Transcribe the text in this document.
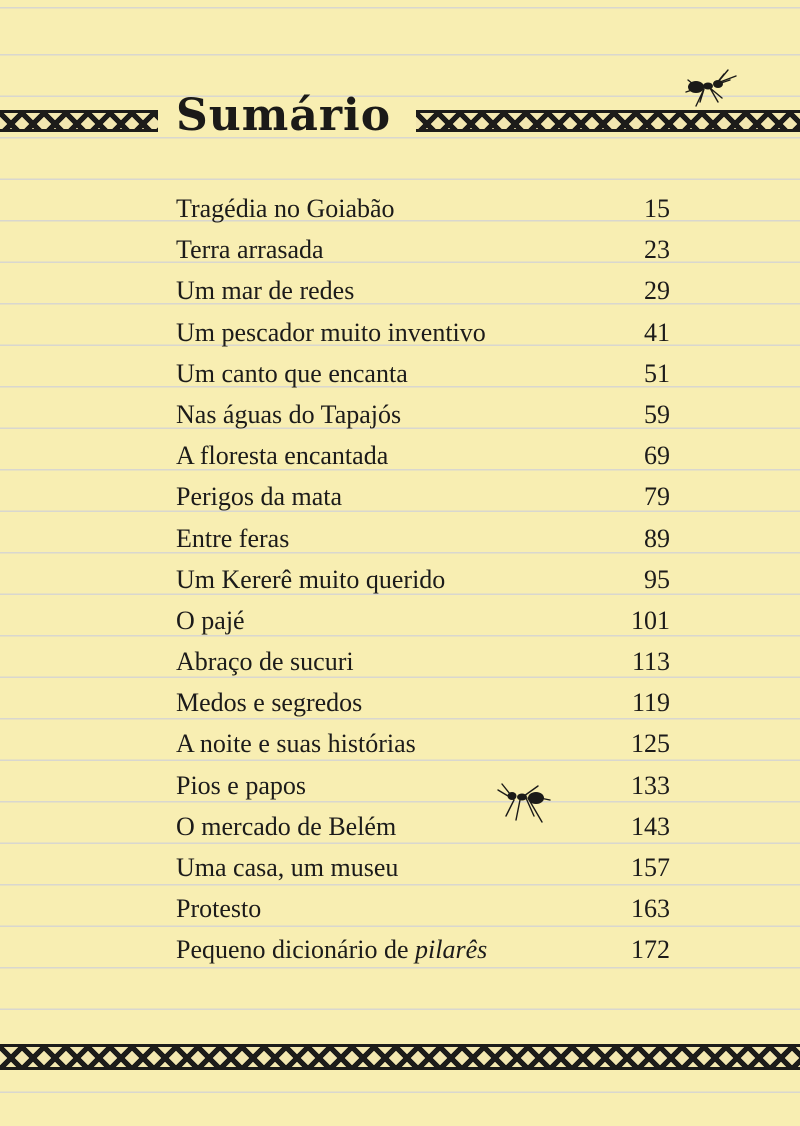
Sumário
Tragédia no Goiabão	15
Terra arrasada	23
Um mar de redes	29
Um pescador muito inventivo	41
Um canto que encanta	51
Nas águas do Tapajós	59
A floresta encantada	69
Perigos da mata	79
Entre feras	89
Um Kererê muito querido	95
O pajé	101
Abraço de sucuri	113
Medos e segredos	119
A noite e suas histórias	125
Pios e papos	133
O mercado de Belém	143
Uma casa, um museu	157
Protesto	163
Pequeno dicionário de pilarês	172
